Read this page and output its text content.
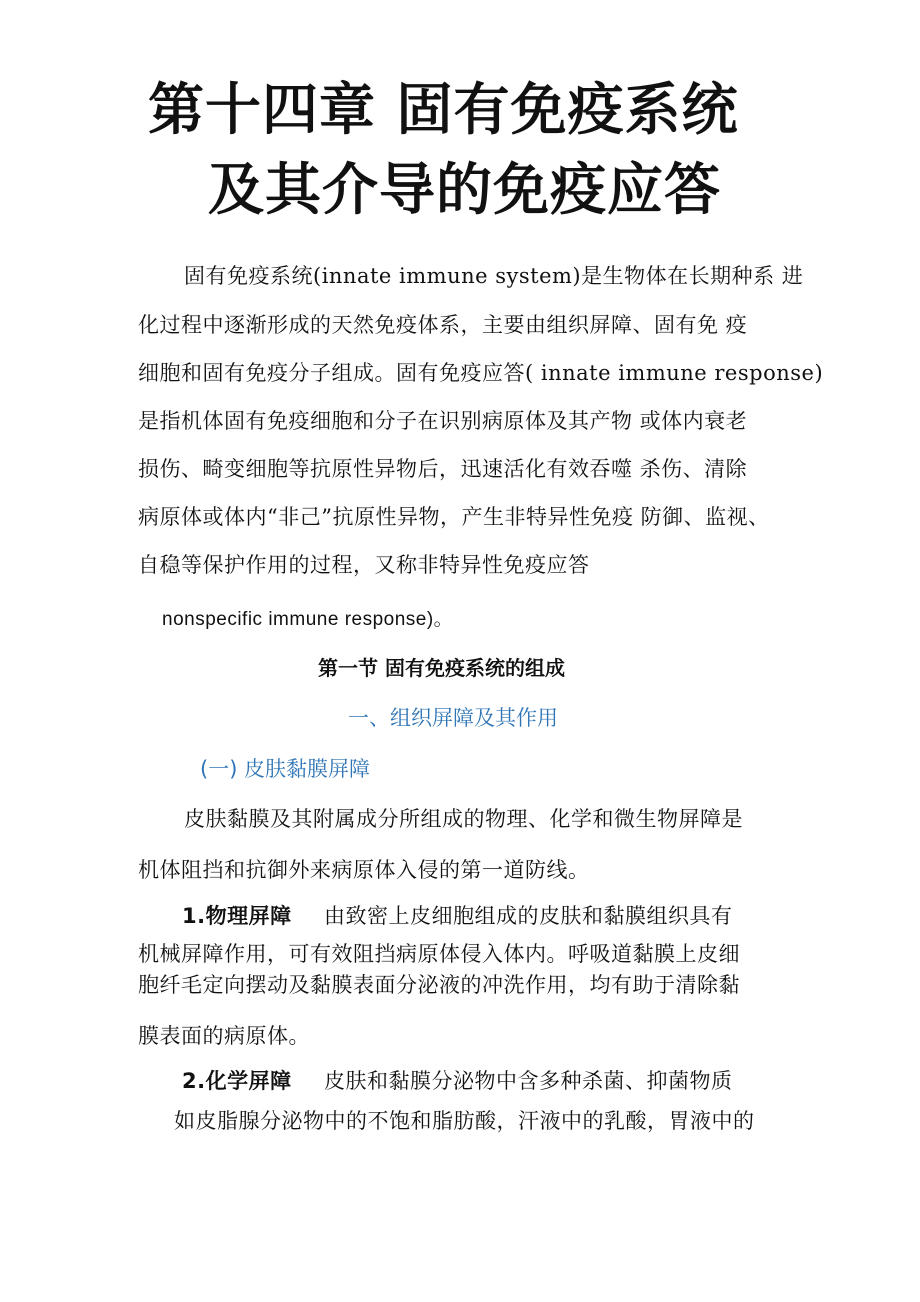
第十四章 固有免疫系统
及其介导的免疫应答
固有免疫系统(innate immune system)是生物体在长期种系 进
化过程中逐渐形成的天然免疫体系，主要由组织屏障、固有免 疫
细胞和固有免疫分子组成。固有免疫应答( innate immune response)
是指机体固有免疫细胞和分子在识别病原体及其产物 或体内衰老
损伤、畸变细胞等抗原性异物后，迅速活化有效吞噬 杀伤、清除
病原体或体内“非己”抗原性异物，产生非特异性免疫 防御、监视、
自稳等保护作用的过程，又称非特异性免疫应答
nonspecific immune response)。
第一节 固有免疫系统的组成
一、组织屏障及其作用
(一) 皮肤黏膜屏障
皮肤黏膜及其附属成分所组成的物理、化学和微生物屏障是
机体阻挡和抗御外来病原体入侵的第一道防线。
1.物理屏障 由致密上皮细胞组成的皮肤和黏膜组织具有
机械屏障作用，可有效阻挡病原体侵入体内。呼吸道黏膜上皮细
胞纤毛定向摆动及黏膜表面分泌液的冲洗作用，均有助于清除黏
膜表面的病原体。
2.化学屏障 皮肤和黏膜分泌物中含多种杀菌、抑菌物质
如皮脂腺分泌物中的不饱和脂肪酸，汗液中的乳酸，胃液中的
